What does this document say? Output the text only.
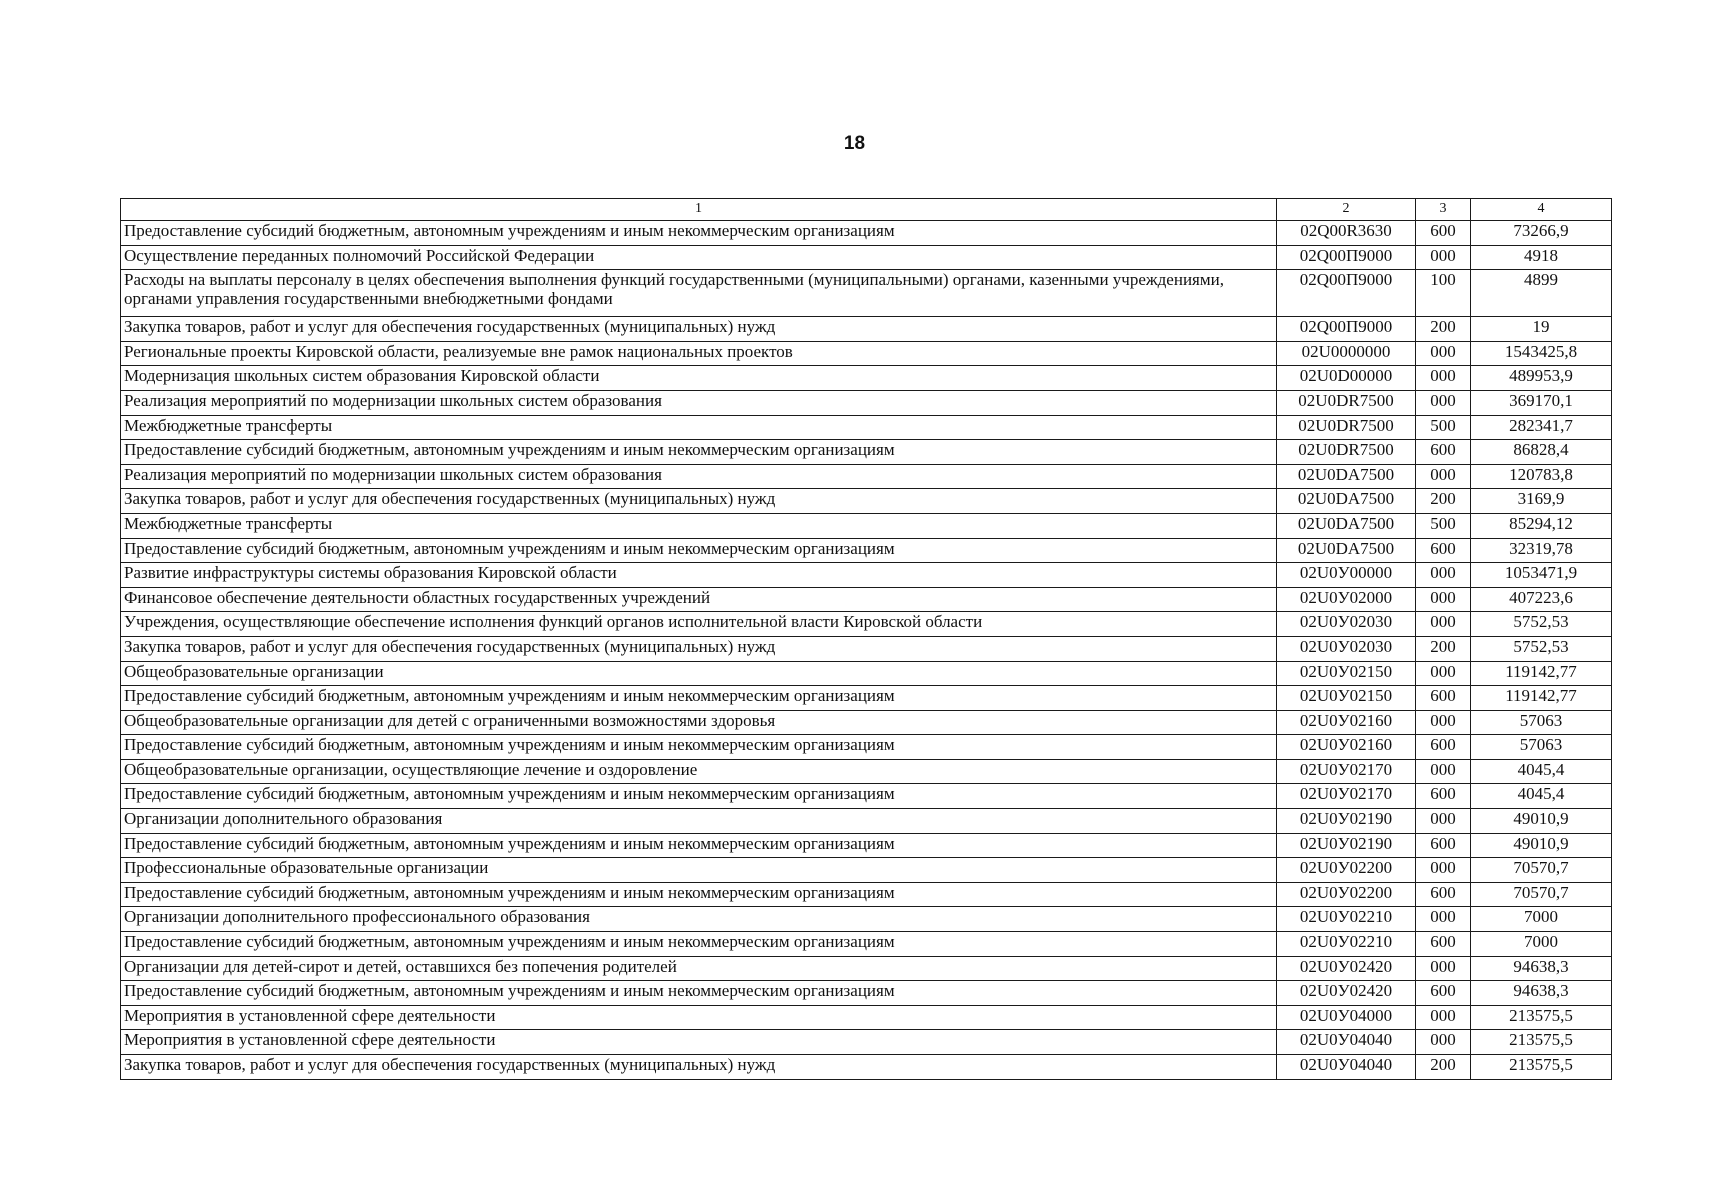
18
1	2	3	4
Предоставление субсидий бюджетным, автономным учреждениям и иным некоммерческим организациям	02Q00R3630	600	73266,9
Осуществление переданных полномочий Российской Федерации	02Q00П9000	000	4918
Расходы на выплаты персоналу в целях обеспечения выполнения функций государственными (муниципальными) органами, казенными учреждениями, органами управления государственными внебюджетными фондами	02Q00П9000	100	4899
Закупка товаров, работ и услуг для обеспечения государственных (муниципальных) нужд	02Q00П9000	200	19
Региональные проекты Кировской области, реализуемые вне рамок национальных проектов	02U0000000	000	1543425,8
Модернизация школьных систем образования Кировской области	02U0D00000	000	489953,9
Реализация мероприятий по модернизации школьных систем образования	02U0DR7500	000	369170,1
Межбюджетные трансферты	02U0DR7500	500	282341,7
Предоставление субсидий бюджетным, автономным учреждениям и иным некоммерческим организациям	02U0DR7500	600	86828,4
Реализация мероприятий по модернизации школьных систем образования	02U0DA7500	000	120783,8
Закупка товаров, работ и услуг для обеспечения государственных (муниципальных) нужд	02U0DA7500	200	3169,9
Межбюджетные трансферты	02U0DA7500	500	85294,12
Предоставление субсидий бюджетным, автономным учреждениям и иным некоммерческим организациям	02U0DA7500	600	32319,78
Развитие инфраструктуры системы образования Кировской области	02U0У00000	000	1053471,9
Финансовое обеспечение деятельности областных государственных учреждений	02U0У02000	000	407223,6
Учреждения, осуществляющие обеспечение исполнения функций органов исполнительной власти Кировской области	02U0У02030	000	5752,53
Закупка товаров, работ и услуг для обеспечения государственных (муниципальных) нужд	02U0У02030	200	5752,53
Общеобразовательные организации	02U0У02150	000	119142,77
Предоставление субсидий бюджетным, автономным учреждениям и иным некоммерческим организациям	02U0У02150	600	119142,77
Общеобразовательные организации для детей с ограниченными возможностями здоровья	02U0У02160	000	57063
Предоставление субсидий бюджетным, автономным учреждениям и иным некоммерческим организациям	02U0У02160	600	57063
Общеобразовательные организации, осуществляющие лечение и оздоровление	02U0У02170	000	4045,4
Предоставление субсидий бюджетным, автономным учреждениям и иным некоммерческим организациям	02U0У02170	600	4045,4
Организации дополнительного образования	02U0У02190	000	49010,9
Предоставление субсидий бюджетным, автономным учреждениям и иным некоммерческим организациям	02U0У02190	600	49010,9
Профессиональные образовательные организации	02U0У02200	000	70570,7
Предоставление субсидий бюджетным, автономным учреждениям и иным некоммерческим организациям	02U0У02200	600	70570,7
Организации дополнительного профессионального образования	02U0У02210	000	7000
Предоставление субсидий бюджетным, автономным учреждениям и иным некоммерческим организациям	02U0У02210	600	7000
Организации для детей-сирот и детей, оставшихся без попечения родителей	02U0У02420	000	94638,3
Предоставление субсидий бюджетным, автономным учреждениям и иным некоммерческим организациям	02U0У02420	600	94638,3
Мероприятия в установленной сфере деятельности	02U0У04000	000	213575,5
Мероприятия в установленной сфере деятельности	02U0У04040	000	213575,5
Закупка товаров, работ и услуг для обеспечения государственных (муниципальных) нужд	02U0У04040	200	213575,5
